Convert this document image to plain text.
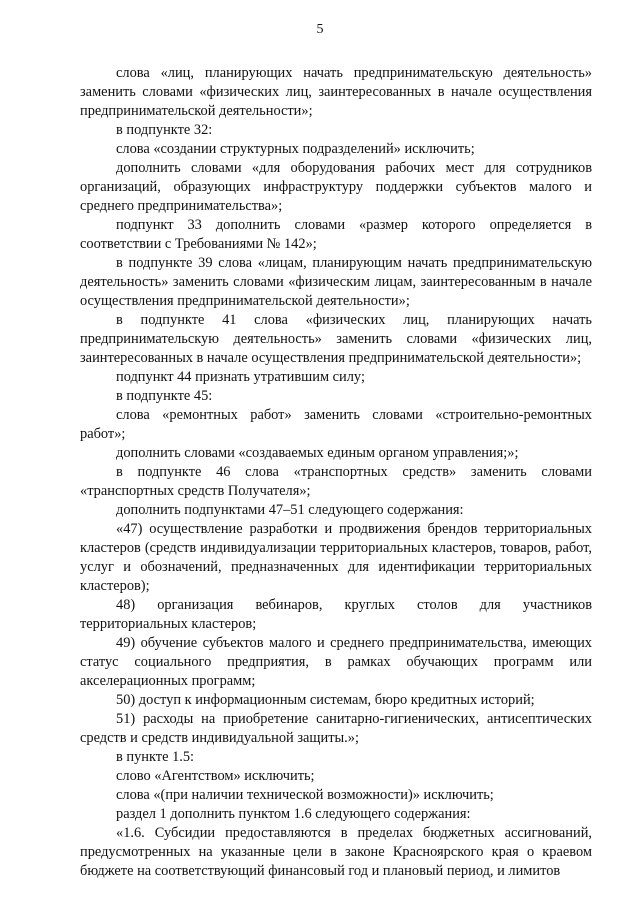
5

слова «лиц, планирующих начать предпринимательскую деятельность» заменить словами «физических лиц, заинтересованных в начале осуществления предпринимательской деятельности»;

в подпункте 32:

слова «создании структурных подразделений» исключить;

дополнить словами «для оборудования рабочих мест для сотрудников организаций, образующих инфраструктуру поддержки субъектов малого и среднего предпринимательства»;

подпункт 33 дополнить словами «размер которого определяется в соответствии с Требованиями № 142»;

в подпункте 39 слова «лицам, планирующим начать предпринимательскую деятельность» заменить словами «физическим лицам, заинтересованным в начале осуществления предпринимательской деятельности»;

в подпункте 41 слова «физических лиц, планирующих начать предпринимательскую деятельность» заменить словами «физических лиц, заинтересованных в начале осуществления предпринимательской деятельности»;

подпункт 44 признать утратившим силу;

в подпункте 45:

слова «ремонтных работ» заменить словами «строительно-ремонтных работ»;

дополнить словами «создаваемых единым органом управления;»;

в подпункте 46 слова «транспортных средств» заменить словами «транспортных средств Получателя»;

дополнить подпунктами 47–51 следующего содержания:

«47) осуществление разработки и продвижения брендов территориальных кластеров (средств индивидуализации территориальных кластеров, товаров, работ, услуг и обозначений, предназначенных для идентификации территориальных кластеров);

48) организация вебинаров, круглых столов для участников территориальных кластеров;

49) обучение субъектов малого и среднего предпринимательства, имеющих статус социального предприятия, в рамках обучающих программ или акселерационных программ;

50) доступ к информационным системам, бюро кредитных историй;

51) расходы на приобретение санитарно-гигиенических, антисептических средств и средств индивидуальной защиты.»;

в пункте 1.5:

слово «Агентством» исключить;

слова «(при наличии технической возможности)» исключить;

раздел 1 дополнить пунктом 1.6 следующего содержания:

«1.6. Субсидии предоставляются в пределах бюджетных ассигнований, предусмотренных на указанные цели в законе Красноярского края о краевом бюджете на соответствующий финансовый год и плановый период, и лимитов
